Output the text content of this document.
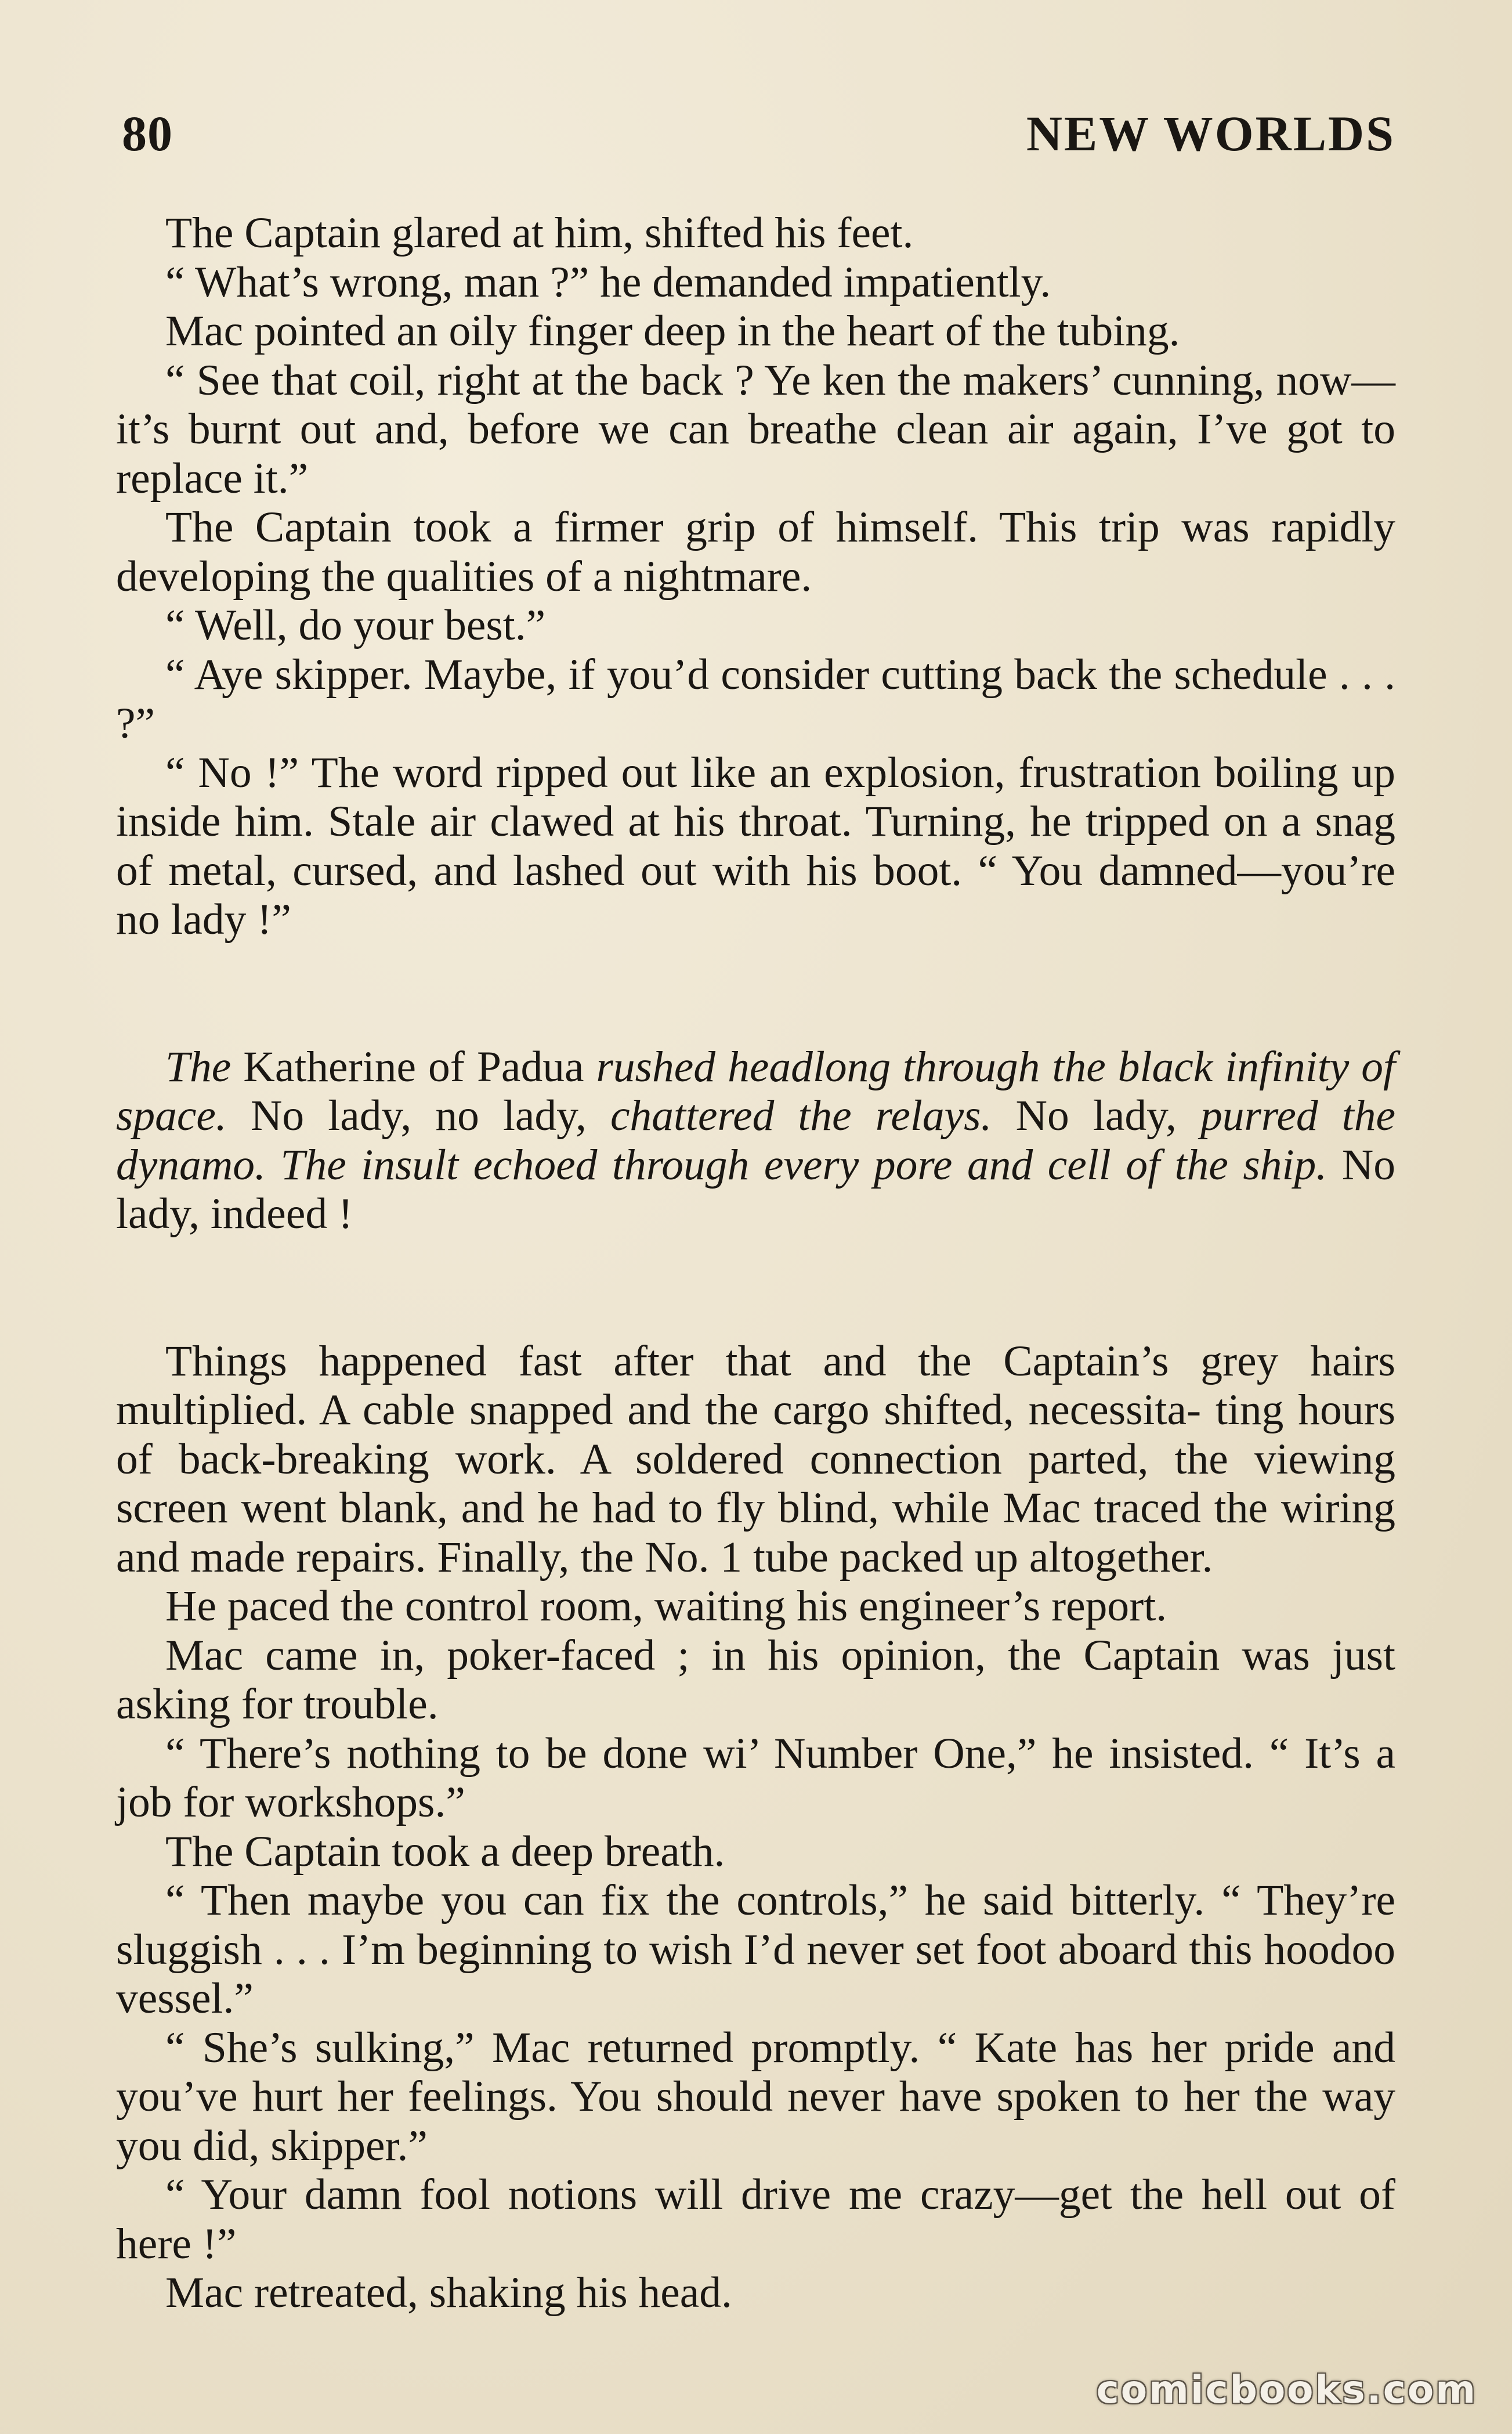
80	NEW WORLDS

The Captain glared at him, shifted his feet.

“ What’s wrong, man ?” he demanded impatiently.

Mac pointed an oily finger deep in the heart of the tubing.

“ See that coil, right at the back ? Ye ken the makers’ cunning, now—it’s burnt out and, before we can breathe clean air again, I’ve got to replace it.”

The Captain took a firmer grip of himself. This trip was rapidly developing the qualities of a nightmare.

“ Well, do your best.”

“ Aye skipper. Maybe, if you’d consider cutting back the schedule . . . ?”

“ No !” The word ripped out like an explosion, frustration boiling up inside him. Stale air clawed at his throat. Turning, he tripped on a snag of metal, cursed, and lashed out with his boot. “ You damned—you’re no lady !”

The Katherine of Padua rushed headlong through the black infinity of space. No lady, no lady, chattered the relays. No lady, purred the dynamo. The insult echoed through every pore and cell of the ship. No lady, indeed !

Things happened fast after that and the Captain’s grey hairs multiplied. A cable snapped and the cargo shifted, necessita- ting hours of back-breaking work. A soldered connection parted, the viewing screen went blank, and he had to fly blind, while Mac traced the wiring and made repairs. Finally, the No. 1 tube packed up altogether.

He paced the control room, waiting his engineer’s report.

Mac came in, poker-faced ; in his opinion, the Captain was just asking for trouble.

“ There’s nothing to be done wi’ Number One,” he insisted. “ It’s a job for workshops.”

The Captain took a deep breath.

“ Then maybe you can fix the controls,” he said bitterly. “ They’re sluggish . . . I’m beginning to wish I’d never set foot aboard this hoodoo vessel.”

“ She’s sulking,” Mac returned promptly. “ Kate has her pride and you’ve hurt her feelings. You should never have spoken to her the way you did, skipper.”

“ Your damn fool notions will drive me crazy—get the hell out of here !”

Mac retreated, shaking his head.

comicbooks.com
